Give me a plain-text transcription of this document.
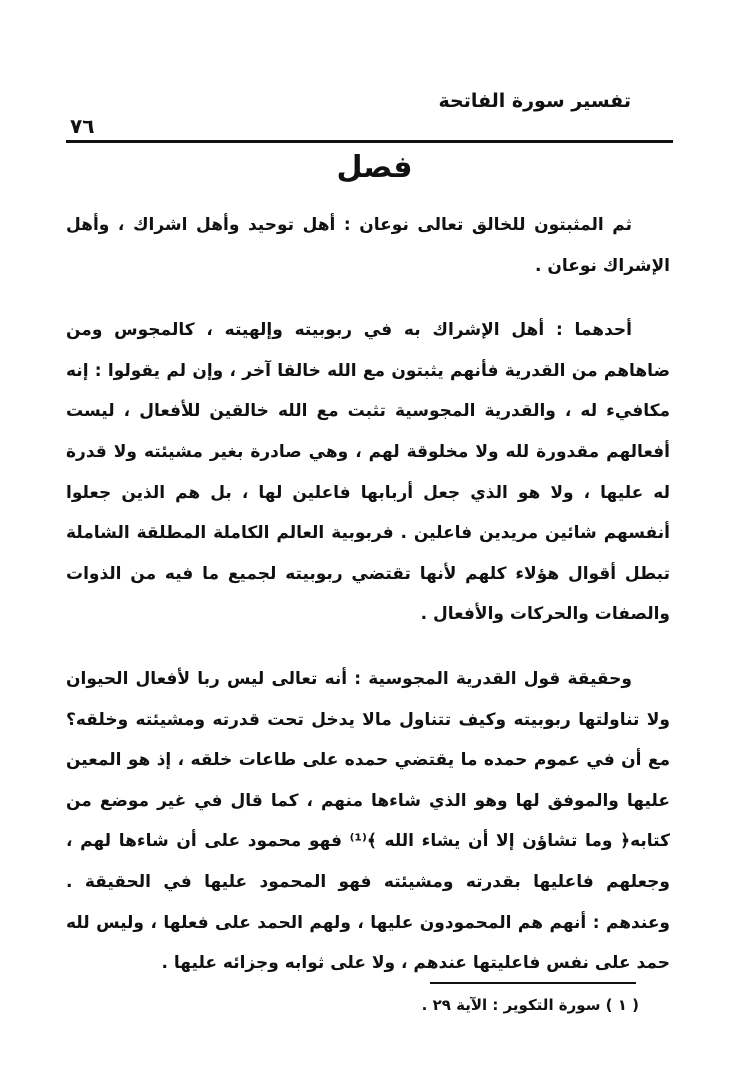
تفسير سورة الفاتحة
٧٦
فصل

ثم المثبتون للخالق تعالى نوعان : أهل توحيد وأهل اشراك ، وأهل الإشراك نوعان .

أحدهما : أهل الإشراك به في ربوبيته وإلهيته ، كالمجوس ومن ضاهاهم من القدرية فأنهم يثبتون مع الله خالقا آخر ، وإن لم يقولوا : إنه مكافيء له ، والقدرية المجوسية تثبت مع الله خالقين للأفعال ، ليست أفعالهم مقدورة لله ولا مخلوقة لهم ، وهي صادرة بغير مشيئته ولا قدرة له عليها ، ولا هو الذي جعل أربابها فاعلين لها ، بل هم الذين جعلوا أنفسهم شائين مريدين فاعلين . فربوبية العالم الكاملة المطلقة الشاملة تبطل أقوال هؤلاء كلهم لأنها تقتضي ربوبيته لجميع ما فيه من الذوات والصفات والحركات والأفعال .

وحقيقة قول القدرية المجوسية : أنه تعالى ليس ربا لأفعال الحيوان ولا تناولتها ربوبيته وكيف تتناول مالا يدخل تحت قدرته ومشيئته وخلقه؟ مع أن في عموم حمده ما يقتضي حمده على طاعات خلقه ، إذ هو المعين عليها والموفق لها وهو الذي شاءها منهم ، كما قال في غير موضع من كتابه﴿ وما تشاؤن إلا أن يشاء الله ﴾⁽¹⁾ فهو محمود على أن شاءها لهم ، وجعلهم فاعليها بقدرته ومشيئته فهو المحمود عليها في الحقيقة . وعندهم : أنهم هم المحمودون عليها ، ولهم الحمد على فعلها ، وليس لله حمد على نفس فاعليتها عندهم ، ولا على ثوابه وجزائه عليها .

( ١ ) سورة التكوير : الآية ٢٩ .
